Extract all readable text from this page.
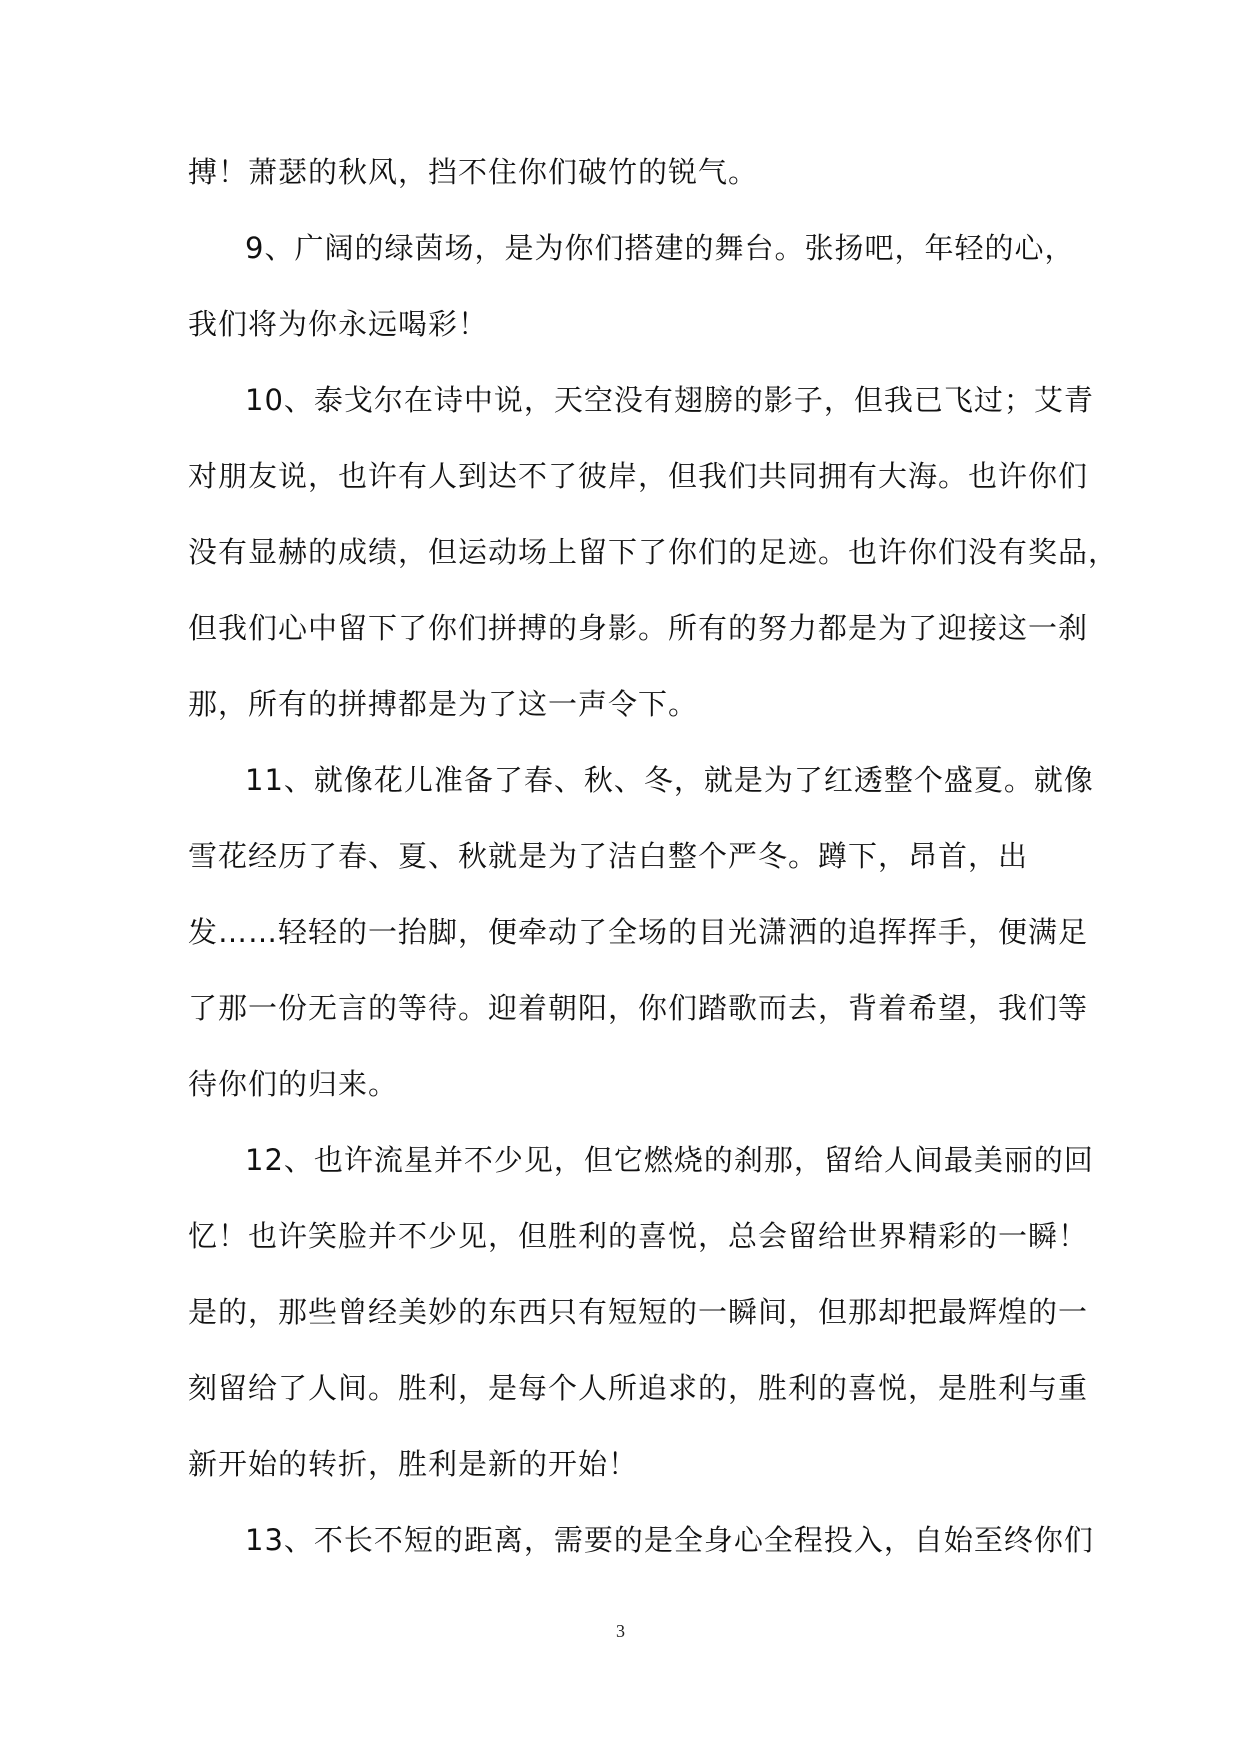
搏！萧瑟的秋风，挡不住你们破竹的锐气。
9、广阔的绿茵场，是为你们搭建的舞台。张扬吧，年轻的心，
我们将为你永远喝彩！
10、泰戈尔在诗中说，天空没有翅膀的影子，但我已飞过；艾青
对朋友说，也许有人到达不了彼岸，但我们共同拥有大海。也许你们
没有显赫的成绩，但运动场上留下了你们的足迹。也许你们没有奖品，
但我们心中留下了你们拼搏的身影。所有的努力都是为了迎接这一刹
那，所有的拼搏都是为了这一声令下。
11、就像花儿准备了春、秋、冬，就是为了红透整个盛夏。就像
雪花经历了春、夏、秋就是为了洁白整个严冬。蹲下，昂首，出
发……轻轻的一抬脚，便牵动了全场的目光潇洒的追挥挥手，便满足
了那一份无言的等待。迎着朝阳，你们踏歌而去，背着希望，我们等
待你们的归来。
12、也许流星并不少见，但它燃烧的刹那，留给人间最美丽的回
忆！也许笑脸并不少见，但胜利的喜悦，总会留给世界精彩的一瞬！
是的，那些曾经美妙的东西只有短短的一瞬间，但那却把最辉煌的一
刻留给了人间。胜利，是每个人所追求的，胜利的喜悦，是胜利与重
新开始的转折，胜利是新的开始！
13、不长不短的距离，需要的是全身心全程投入，自始至终你们
3
